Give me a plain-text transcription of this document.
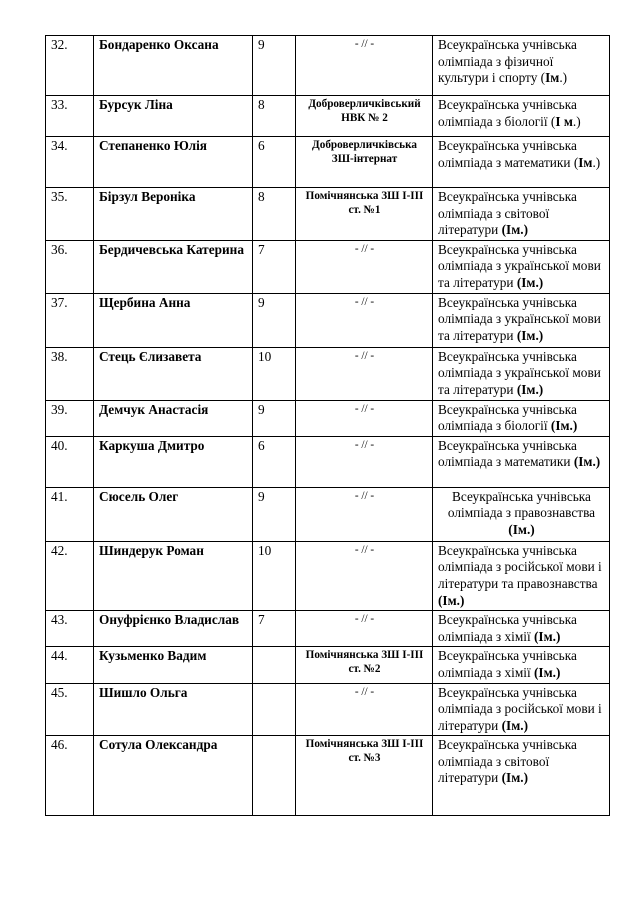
32.	Бондаренко Оксана	9	- // -	Всеукраїнська учнівська олімпіада з фізичної культури і спорту (Ім.)
33.	Бурсук Ліна	8	Доброверличківський НВК № 2	Всеукраїнська учнівська олімпіада з біології (І м.)
34.	Степаненко Юлія	6	Доброверличківська ЗШ-інтернат	Всеукраїнська учнівська олімпіада з математики (Ім.)
35.	Бірзул Вероніка	8	Помічнянська ЗШ І-ІІІ ст. №1	Всеукраїнська учнівська олімпіада з світової літератури (Ім.)
36.	Бердичевська Катерина	7	- // -	Всеукраїнська учнівська олімпіада з української мови та літератури (Ім.)
37.	Щербина Анна	9	- // -	Всеукраїнська учнівська олімпіада з української мови та літератури (Ім.)
38.	Стець Єлизавета	10	- // -	Всеукраїнська учнівська олімпіада з української мови та літератури (Ім.)
39.	Демчук Анастасія	9	- // -	Всеукраїнська учнівська олімпіада з біології (Ім.)
40.	Каркуша Дмитро	6	- // -	Всеукраїнська учнівська олімпіада з математики (Ім.)
41.	Сюсель Олег	9	- // -	Всеукраїнська учнівська олімпіада з правознавства (Ім.)
42.	Шиндерук Роман	10	- // -	Всеукраїнська учнівська олімпіада з російської мови і літератури та правознавства (Ім.)
43.	Онуфрієнко Владислав	7	- // -	Всеукраїнська учнівська олімпіада з хімії (Ім.)
44.	Кузьменко Вадим		Помічнянська ЗШ І-ІІІ ст. №2	Всеукраїнська учнівська олімпіада з хімії (Ім.)
45.	Шишло Ольга		- // -	Всеукраїнська учнівська олімпіада з російської мови і літератури (Ім.)
46.	Сотула Олександра		Помічнянська ЗШ І-ІІІ ст. №3	Всеукраїнська учнівська олімпіада з світової літератури (Ім.)
